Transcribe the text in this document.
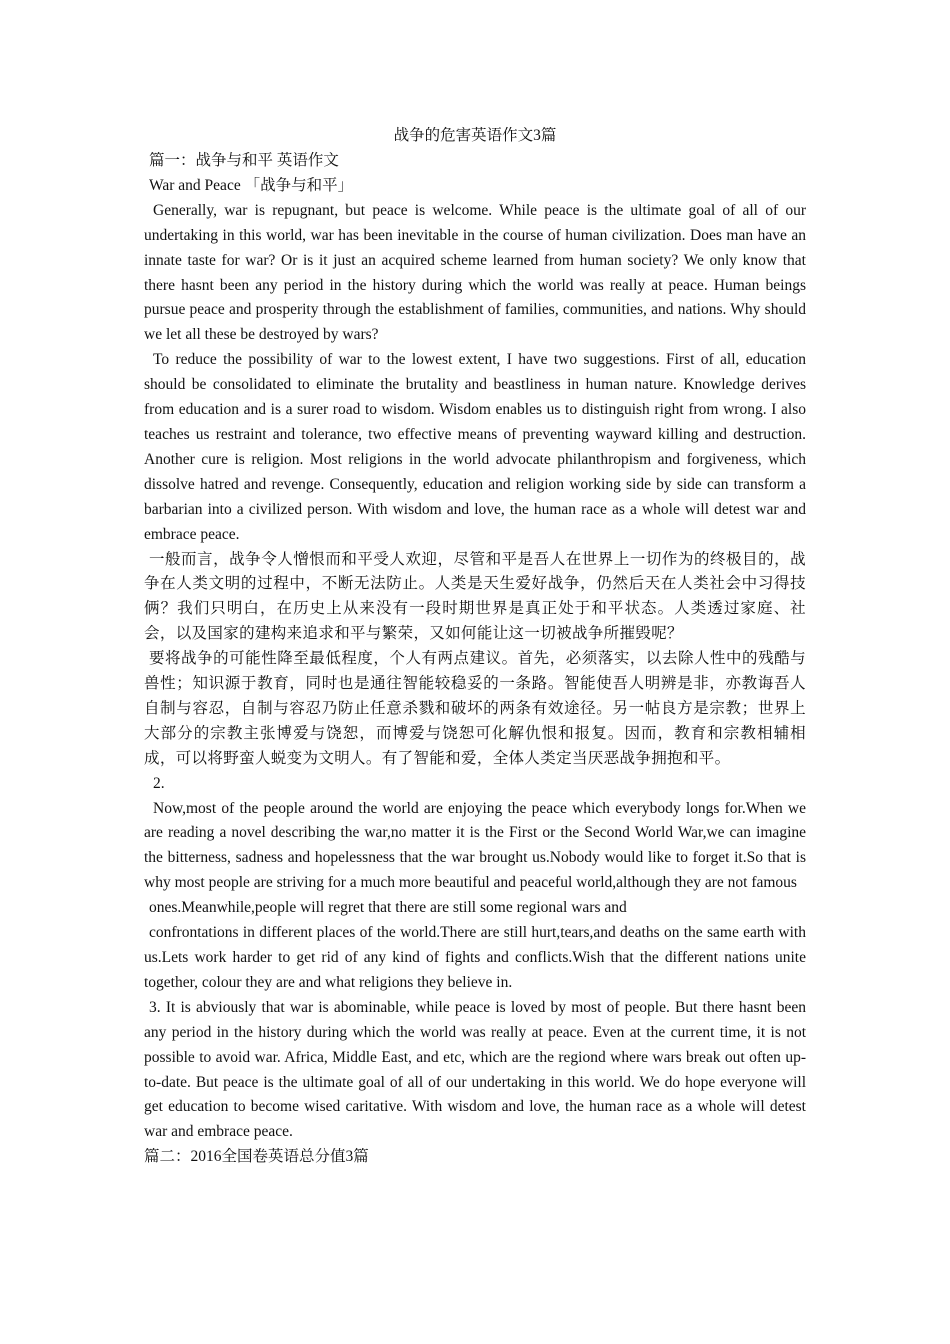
战争的危害英语作文3篇

篇一：战争与和平 英语作文

War and Peace 「战争与和平」

Generally, war is repugnant, but peace is welcome. While peace is the ultimate goal of all of our undertaking in this world, war has been inevitable in the course of human civilization. Does man have an innate taste for war? Or is it just an acquired scheme learned from human society? We only know that there hasnt been any period in the history during which the world was really at peace. Human beings pursue peace and prosperity through the establishment of families, communities, and nations. Why should we let all these be destroyed by wars?

To reduce the possibility of war to the lowest extent, I have two suggestions. First of all, education should be consolidated to eliminate the brutality and beastliness in human nature. Knowledge derives from education and is a surer road to wisdom. Wisdom enables us to distinguish right from wrong. I also teaches us restraint and tolerance, two effective means of preventing wayward killing and destruction. Another cure is religion. Most religions in the world advocate philanthropism and forgiveness, which dissolve hatred and revenge. Consequently, education and religion working side by side can transform a barbarian into a civilized person. With wisdom and love, the human race as a whole will detest war and embrace peace.

一般而言，战争令人憎恨而和平受人欢迎，尽管和平是吾人在世界上一切作为的终极目的，战争在人类文明的过程中，不断无法防止。人类是天生爱好战争，仍然后天在人类社会中习得技俩？我们只明白，在历史上从来没有一段时期世界是真正处于和平状态。人类透过家庭、社会，以及国家的建构来追求和平与繁荣，又如何能让这一切被战争所摧毁呢？

要将战争的可能性降至最低程度，个人有两点建议。首先，必须落实，以去除人性中的残酷与兽性；知识源于教育，同时也是通往智能较稳妥的一条路。智能使吾人明辨是非，亦教诲吾人自制与容忍，自制与容忍乃防止任意杀戮和破坏的两条有效途径。另一帖良方是宗教；世界上大部分的宗教主张博爱与饶恕，而博爱与饶恕可化解仇恨和报复。因而，教育和宗教相辅相成，可以将野蛮人蜕变为文明人。有了智能和爱，全体人类定当厌恶战争拥抱和平。

2.

Now,most of the people around the world are enjoying the peace which everybody longs for.When we are reading a novel describing the war,no matter it is the First or the Second World War,we can imagine the bitterness, sadness and hopelessness that the war brought us.Nobody would like to forget it.So that is why most people are striving for a much more beautiful and peaceful world,although they are not famous

ones.Meanwhile,people will regret that there are still some regional wars and

confrontations in different places of the world.There are still hurt,tears,and deaths on the same earth with us.Lets work harder to get rid of any kind of fights and conflicts.Wish that the different nations unite together, colour they are and what religions they believe in.

3. It is abviously that war is abominable, while peace is loved by most of people. But there hasnt been any period in the history during which the world was really at peace. Even at the current time, it is not possible to avoid war. Africa, Middle East, and etc, which are the regiond where wars break out often up-to-date. But peace is the ultimate goal of all of our undertaking in this world. We do hope everyone will get education to become wised caritative. With wisdom and love, the human race as a whole will detest war and embrace peace.

篇二：2016全国卷英语总分值3篇
